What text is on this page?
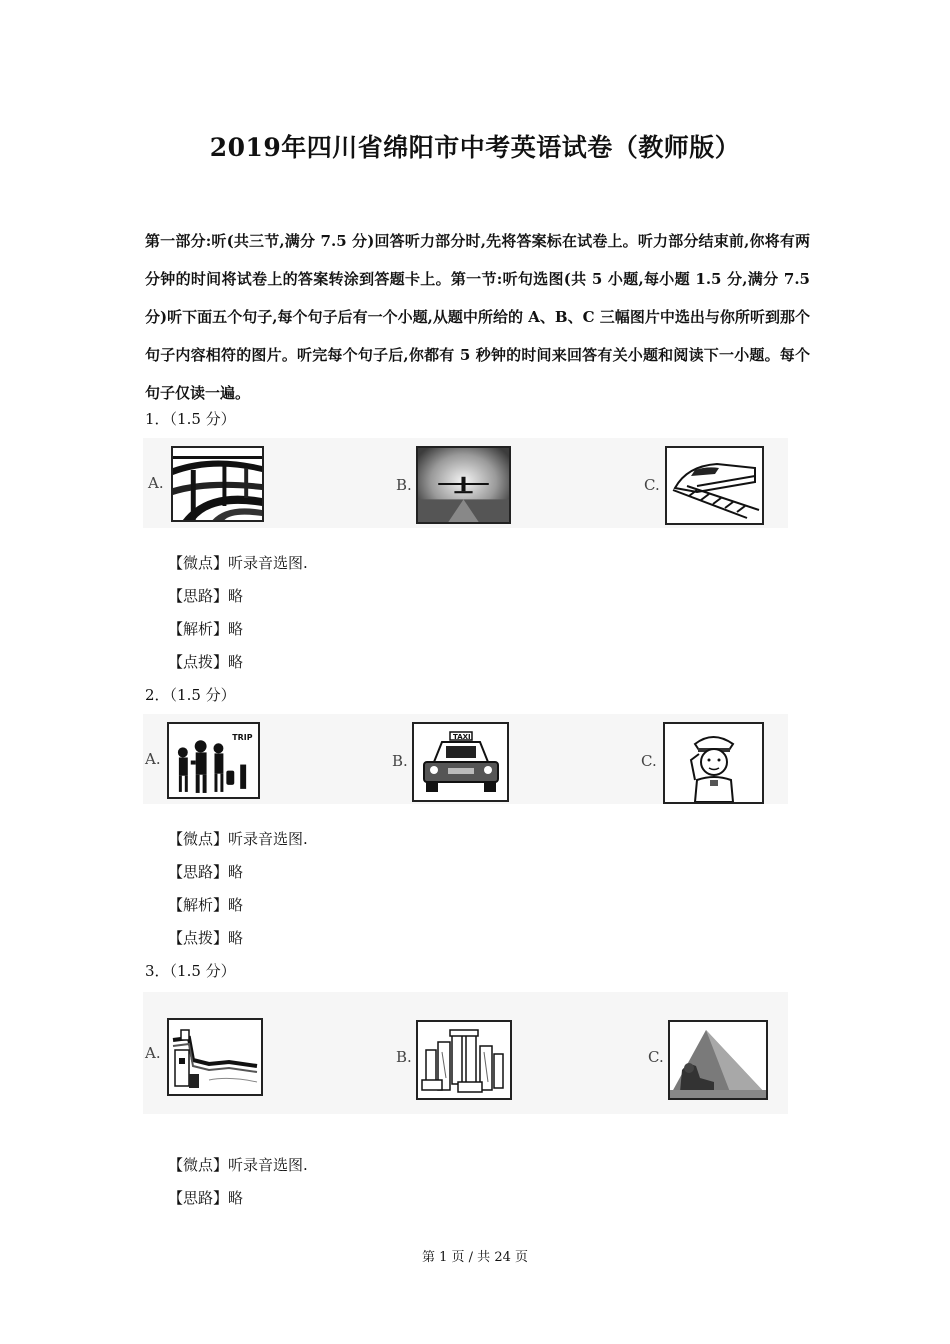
2019年四川省绵阳市中考英语试卷（教师版）
第一部分:听(共三节,满分 7.5 分)回答听力部分时,先将答案标在试卷上。听力部分结束前,你将有两分钟的时间将试卷上的答案转涂到答题卡上。第一节:听句选图(共 5 小题,每小题 1.5 分,满分 7.5 分)听下面五个句子,每个句子后有一个小题,从题中所给的 A、B、C 三幅图片中选出与你所听到那个句子内容相符的图片。听完每个句子后,你都有 5 秒钟的时间来回答有关小题和阅读下一小题。每个句子仅读一遍。
1．（1.5 分）
A.	B.	C.
【微点】听录音选图.
【思路】略
【解析】略
【点拨】略
2．（1.5 分）
A.
TRIP
B.
TAXI
C.
【微点】听录音选图.
【思路】略
【解析】略
【点拨】略
3．（1.5 分）
A.	B.	C.
【微点】听录音选图.
【思路】略
第 1 页 / 共 24 页
